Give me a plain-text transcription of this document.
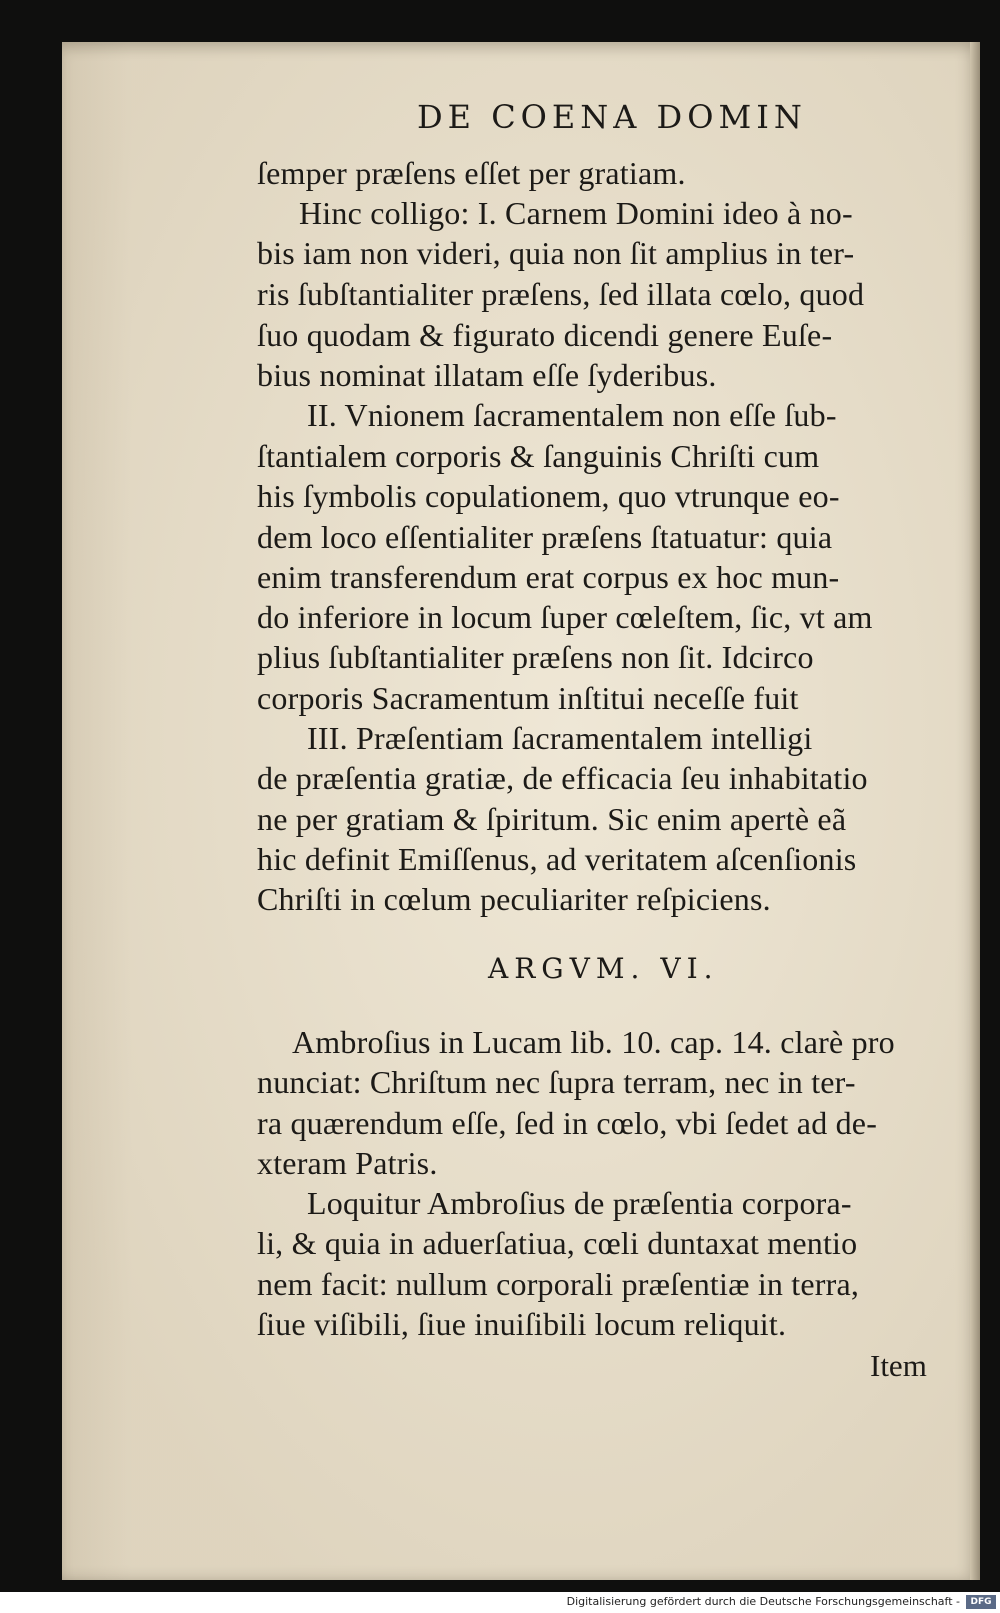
DE COENA DOMIN
ſemper præſens eſſet per gratiam.
Hinc colligo: I. Carnem Domini ideo à no-
bis iam non videri, quia non ſit amplius in ter-
ris ſubſtantialiter præſens, ſed illata cœlo, quod
ſuo quodam & figurato dicendi genere Euſe-
bius nominat illatam eſſe ſyderibus.
II. Vnionem ſacramentalem non eſſe ſub-
ſtantialem corporis & ſanguinis Chriſti cum
his ſymbolis copulationem, quo vtrunque eo-
dem loco eſſentialiter præſens ſtatuatur: quia
enim transferendum erat corpus ex hoc mun-
do inferiore in locum ſuper cœleſtem, ſic, vt am
plius ſubſtantialiter præſens non ſit. Idcirco
corporis Sacramentum inſtitui neceſſe fuit
III. Præſentiam ſacramentalem intelligi
de præſentia gratiæ, de efficacia ſeu inhabitatio
ne per gratiam & ſpiritum. Sic enim apertè eã
hic definit Emiſſenus, ad veritatem aſcenſionis
Chriſti in cœlum peculiariter reſpiciens.
ARGVM. VI.
Ambroſius in Lucam lib. 10. cap. 14. clarè pro
nunciat: Chriſtum nec ſupra terram, nec in ter-
ra quærendum eſſe, ſed in cœlo, vbi ſedet ad de-
xteram Patris.
Loquitur Ambroſius de præſentia corpora-
li, & quia in aduerſatiua, cœli duntaxat mentio
nem facit: nullum corporali præſentiæ in terra,
ſiue viſibili, ſiue inuiſibili locum reliquit.
Item
Digitalisierung gefördert durch die Deutsche Forschungsgemeinschaft -	DFG
